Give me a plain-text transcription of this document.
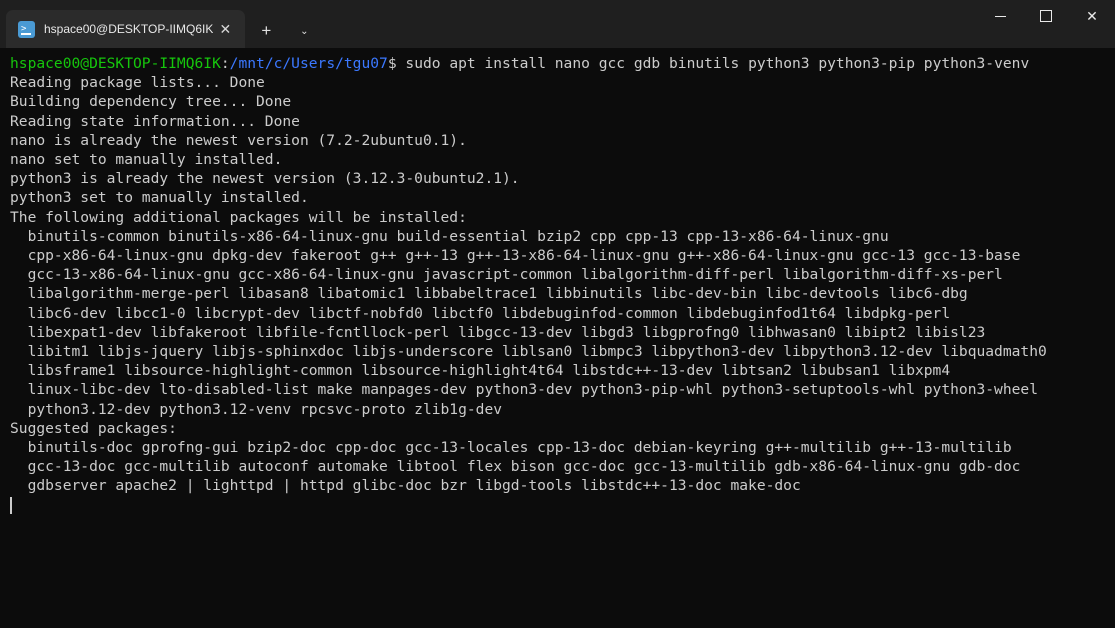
> hspace00@DESKTOP-IIMQ6IK ✕	+	⌄
✕
hspace00@DESKTOP-IIMQ6IK:/mnt/c/Users/tgu07$ sudo apt install nano gcc gdb binutils python3 python3-pip python3-venv
Reading package lists... Done
Building dependency tree... Done
Reading state information... Done
nano is already the newest version (7.2-2ubuntu0.1).
nano set to manually installed.
python3 is already the newest version (3.12.3-0ubuntu2.1).
python3 set to manually installed.
The following additional packages will be installed:
binutils-common binutils-x86-64-linux-gnu build-essential bzip2 cpp cpp-13 cpp-13-x86-64-linux-gnu
cpp-x86-64-linux-gnu dpkg-dev fakeroot g++ g++-13 g++-13-x86-64-linux-gnu g++-x86-64-linux-gnu gcc-13 gcc-13-base
gcc-13-x86-64-linux-gnu gcc-x86-64-linux-gnu javascript-common libalgorithm-diff-perl libalgorithm-diff-xs-perl
libalgorithm-merge-perl libasan8 libatomic1 libbabeltrace1 libbinutils libc-dev-bin libc-devtools libc6-dbg
libc6-dev libcc1-0 libcrypt-dev libctf-nobfd0 libctf0 libdebuginfod-common libdebuginfod1t64 libdpkg-perl
libexpat1-dev libfakeroot libfile-fcntllock-perl libgcc-13-dev libgd3 libgprofng0 libhwasan0 libipt2 libisl23
libitm1 libjs-jquery libjs-sphinxdoc libjs-underscore liblsan0 libmpc3 libpython3-dev libpython3.12-dev libquadmath0
libsframe1 libsource-highlight-common libsource-highlight4t64 libstdc++-13-dev libtsan2 libubsan1 libxpm4
linux-libc-dev lto-disabled-list make manpages-dev python3-dev python3-pip-whl python3-setuptools-whl python3-wheel
python3.12-dev python3.12-venv rpcsvc-proto zlib1g-dev
Suggested packages:
binutils-doc gprofng-gui bzip2-doc cpp-doc gcc-13-locales cpp-13-doc debian-keyring g++-multilib g++-13-multilib
gcc-13-doc gcc-multilib autoconf automake libtool flex bison gcc-doc gcc-13-multilib gdb-x86-64-linux-gnu gdb-doc
gdbserver apache2 | lighttpd | httpd glibc-doc bzr libgd-tools libstdc++-13-doc make-doc
